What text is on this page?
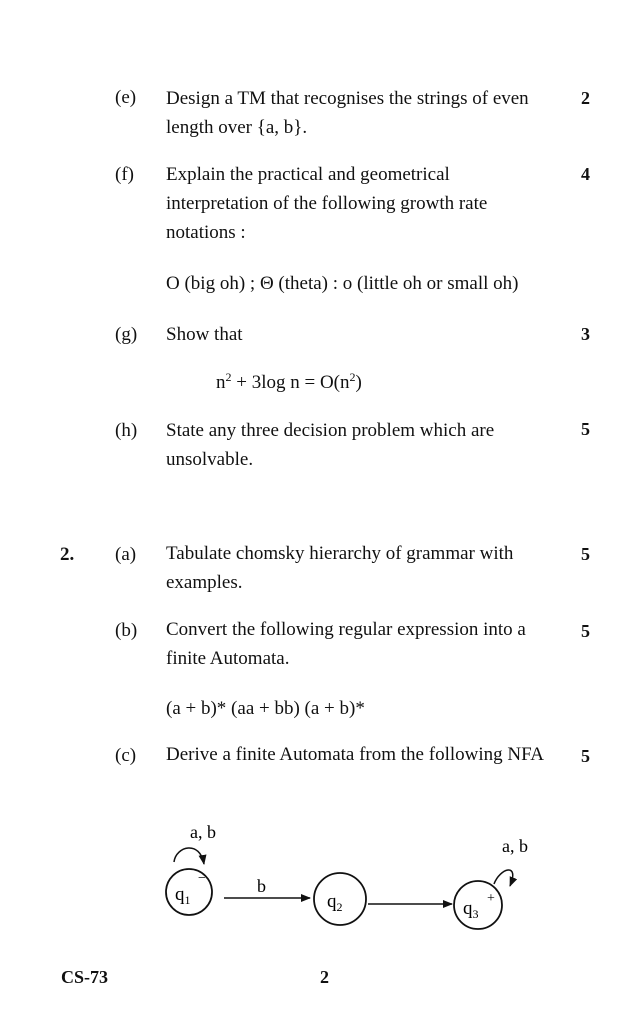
(e) Design a TM that recognises the strings of even length over {a, b}.
2
(f) Explain the practical and geometrical interpretation of the following growth rate notations :
4
O (big oh) ; Θ (theta) : o (little oh or small oh)
(g) Show that	3
$n^2 + 3\log$ $n = O(n^2)$
(h) State any three decision problem which are unsolvable.
5
2. (a) Tabulate chomsky hierarchy of grammar with examples.
5
(b) Convert the following regular expression into a finite Automata.
5
(a + b)* (aa + bb) (a + b)*
(c) Derive a finite Automata from the following NFA 5
a, b
$q_1$
−	b
$q_2$	$q_3$
+
a, b
CS-73	2
